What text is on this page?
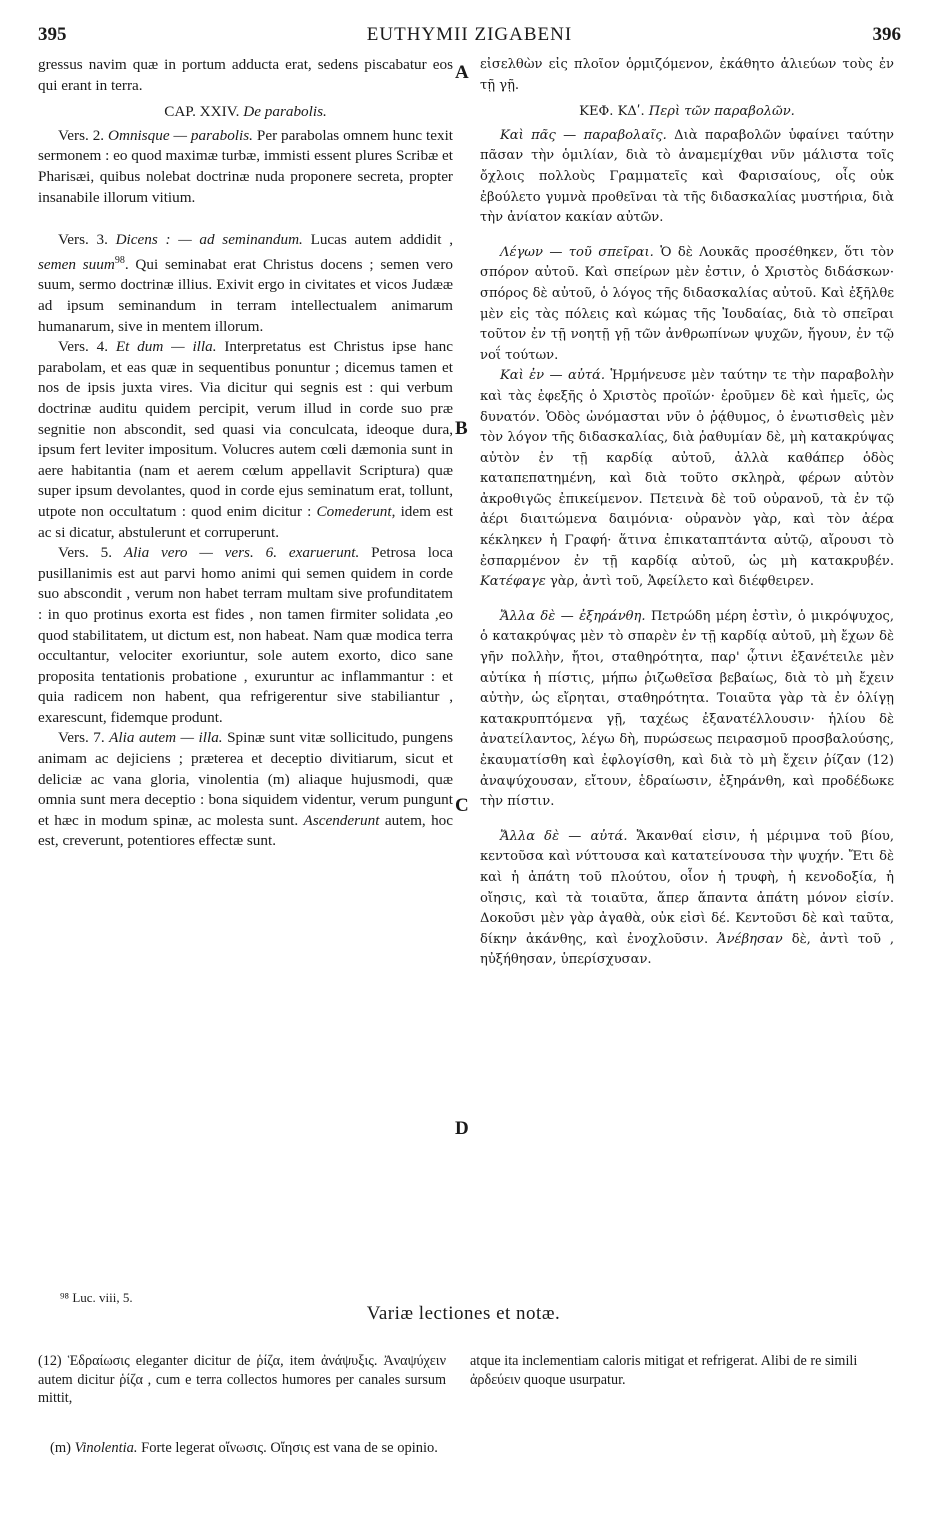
395	EUTHYMII ZIGABENI	396
A
B
C
D

gressus navim quæ in portum adducta erat, sedens piscabatur eos qui erant in terra.

CAP. XXIV. De parabolis.

Vers. 2. Omnisque — parabolis. Per parabolas omnem hunc texit sermonem : eo quod maximæ turbæ, immisti essent plures Scribæ et Pharisæi, quibus nolebat doctrinæ nuda proponere secreta, propter insanabile illorum vitium.

Vers. 3. Dicens : — ad seminandum. Lucas autem addidit , semen suum$^{98}$. Qui seminabat erat Christus docens ; semen vero suum, sermo doctrinæ illius. Exivit ergo in civitates et vicos Judææ ad ipsum seminandum in terram intellectualem animarum humanarum, sive in mentem illorum.

Vers. 4. Et dum — illa. Interpretatus est Christus ipse hanc parabolam, et eas quæ in sequentibus ponuntur ; dicemus tamen et nos de ipsis juxta vires. Via dicitur qui segnis est : qui verbum doctrinæ auditu quidem percipit, verum illud in corde suo præ segnitie non abscondit, sed quasi via conculcata, ideoque dura, ipsum fert leviter impositum. Volucres autem cœli dæmonia sunt in aere habitantia (nam et aerem cœlum appellavit Scriptura) quæ super ipsum devolantes, quod in corde ejus seminatum erat, tollunt, utpote non occultatum : quod enim dicitur : Comederunt, idem est ac si dicatur, abstulerunt et corruperunt.

Vers. 5. Alia vero — vers. 6. exaruerunt. Petrosa loca pusillanimis est aut parvi homo animi qui semen quidem in corde suo abscondit , verum non habet terram multam sive profunditatem : in quo protinus exorta est fides , non tamen firmiter solidata ,eo quod stabilitatem, ut dictum est, non habeat. Nam quæ modica terra occultantur, velociter exoriuntur, sole autem exorto, dico sane proposita tentationis probatione , exuruntur ac inflammantur : et quia radicem non habent, qua refrigerentur sive stabiliantur , exarescunt, fidemque produnt.

Vers. 7. Alia autem — illa. Spinæ sunt vitæ sollicitudo, pungens animam ac dejiciens ; præterea et deceptio divitiarum, sicut et deliciæ ac vana gloria, vinolentia (m) aliaque hujusmodi, quæ omnia sunt mera deceptio : bona siquidem videntur, verum pungunt et hæc in modum spinæ, ac molesta sunt. Ascenderunt autem, hoc est, creverunt, potentiores effectæ sunt.

εἰσελθὼν εἰς πλοῖον ὁρμιζόμενον, ἐκάθητο ἁλιεύων τοὺς ἐν τῇ γῇ.

ΚΕΦ. ΚΔʹ. Περὶ τῶν παραβολῶν.

Καὶ πᾶς — παραβολαῖς. Διὰ παραβολῶν ὑφαίνει ταύτην πᾶσαν τὴν ὁμιλίαν, διὰ τὸ ἀναμεμίχθαι νῦν μάλιστα τοῖς ὄχλοις πολλοὺς Γραμματεῖς καὶ Φαρισαίους, οἷς οὐκ ἐβούλετο γυμνὰ προθεῖναι τὰ τῆς διδασκαλίας μυστήρια, διὰ τὴν ἀνίατον κακίαν αὐτῶν.

Λέγων — τοῦ σπεῖραι. Ὁ δὲ Λουκᾶς προσέθηκεν, ὅτι τὸν σπόρον αὐτοῦ. Καὶ σπείρων μὲν ἐστιν, ὁ Χριστὸς διδάσκων· σπόρος δὲ αὐτοῦ, ὁ λόγος τῆς διδασκαλίας αὐτοῦ. Καὶ ἐξῆλθε μὲν εἰς τὰς πόλεις καὶ κώμας τῆς Ἰουδαίας, διὰ τὸ σπεῖραι τοῦτον ἐν τῇ νοητῇ γῇ τῶν ἀνθρωπίνων ψυχῶν, ἤγουν, ἐν τῷ νοΐ τούτων.

Καὶ ἐν — αὐτά. Ἡρμήνευσε μὲν ταύτην τε τὴν παραβολὴν καὶ τὰς ἐφεξῆς ὁ Χριστὸς προϊών· ἐροῦμεν δὲ καὶ ἡμεῖς, ὡς δυνατόν. Ὁδὸς ὠνόμασται νῦν ὁ ῥᾴθυμος, ὁ ἐνωτισθεὶς μὲν τὸν λόγον τῆς διδασκαλίας, διὰ ῥαθυμίαν δὲ, μὴ κατακρύψας αὐτὸν ἐν τῇ καρδίᾳ αὐτοῦ, ἀλλὰ καθάπερ ὁδὸς καταπεπατημένη, καὶ διὰ τοῦτο σκληρὰ, φέρων αὐτὸν ἀκροθιγῶς ἐπικείμενον. Πετεινὰ δὲ τοῦ οὐρανοῦ, τὰ ἐν τῷ ἀέρι διαιτώμενα δαιμόνια· οὐρανὸν γὰρ, καὶ τὸν ἀέρα κέκληκεν ἡ Γραφή· ἅτινα ἐπικαταπτάντα αὐτῷ, αἴρουσι τὸ ἐσπαρμένον ἐν τῇ καρδίᾳ αὐτοῦ, ὡς μὴ κατακρυβέν. Κατέφαγε γὰρ, ἀντὶ τοῦ, Ἀφείλετο καὶ διέφθειρεν.

Ἄλλα δὲ — ἐξηράνθη. Πετρώδη μέρη ἐστὶν, ὁ μικρόψυχος, ὁ κατακρύψας μὲν τὸ σπαρὲν ἐν τῇ καρδίᾳ αὐτοῦ, μὴ ἔχων δὲ γῆν πολλὴν, ἤτοι, σταθηρότητα, παρ' ᾧτινι ἐξανέτειλε μὲν αὐτίκα ἡ πίστις, μήπω ῥιζωθεῖσα βεβαίως, διὰ τὸ μὴ ἔχειν αὐτὴν, ὡς εἴρηται, σταθηρότητα. Τοιαῦτα γὰρ τὰ ἐν ὀλίγῃ κατακρυπτόμενα γῇ, ταχέως ἐξανατέλλουσιν· ἡλίου δὲ ἀνατείλαντος, λέγω δὴ, πυρώσεως πειρασμοῦ προσβαλούσης, ἐκαυματίσθη καὶ ἐφλογίσθη, καὶ διὰ τὸ μὴ ἔχειν ῥίζαν (12) ἀναψύχουσαν, εἴτουν, ἑδραίωσιν, ἐξηράνθη, καὶ προδέδωκε τὴν πίστιν.

Ἄλλα δὲ — αὐτά. Ἄκανθαί εἰσιν, ἡ μέριμνα τοῦ βίου, κεντοῦσα καὶ νύττουσα καὶ κατατείνουσα τὴν ψυχήν. Ἔτι δὲ καὶ ἡ ἀπάτη τοῦ πλούτου, οἷον ἡ τρυφὴ, ἡ κενοδοξία, ἡ οἴησις, καὶ τὰ τοιαῦτα, ἅπερ ἅπαντα ἀπάτη μόνον εἰσίν. Δοκοῦσι μὲν γὰρ ἀγαθὰ, οὐκ εἰσὶ δέ. Κεντοῦσι δὲ καὶ ταῦτα, δίκην ἀκάνθης, καὶ ἐνοχλοῦσιν. Ἀνέβησαν δὲ, ἀντὶ τοῦ , ηὐξήθησαν, ὑπερίσχυσαν.

⁹⁸ Luc. viii, 5.
Variæ lectiones et notæ.
(12) Ἑδραίωσις eleganter dicitur de ῥίζα, item ἀνάψυξις. Ἀναψύχειν autem dicitur ῥίζα , cum e terra collectos humores per canales sursum mittit,
atque ita inclementiam caloris mitigat et refrigerat. Alibi de re simili ἀρδεύειν quoque usurpatur.
(m) Vinolentia. Forte legerat οἴνωσις. Οἴησις est vana de se opinio.
